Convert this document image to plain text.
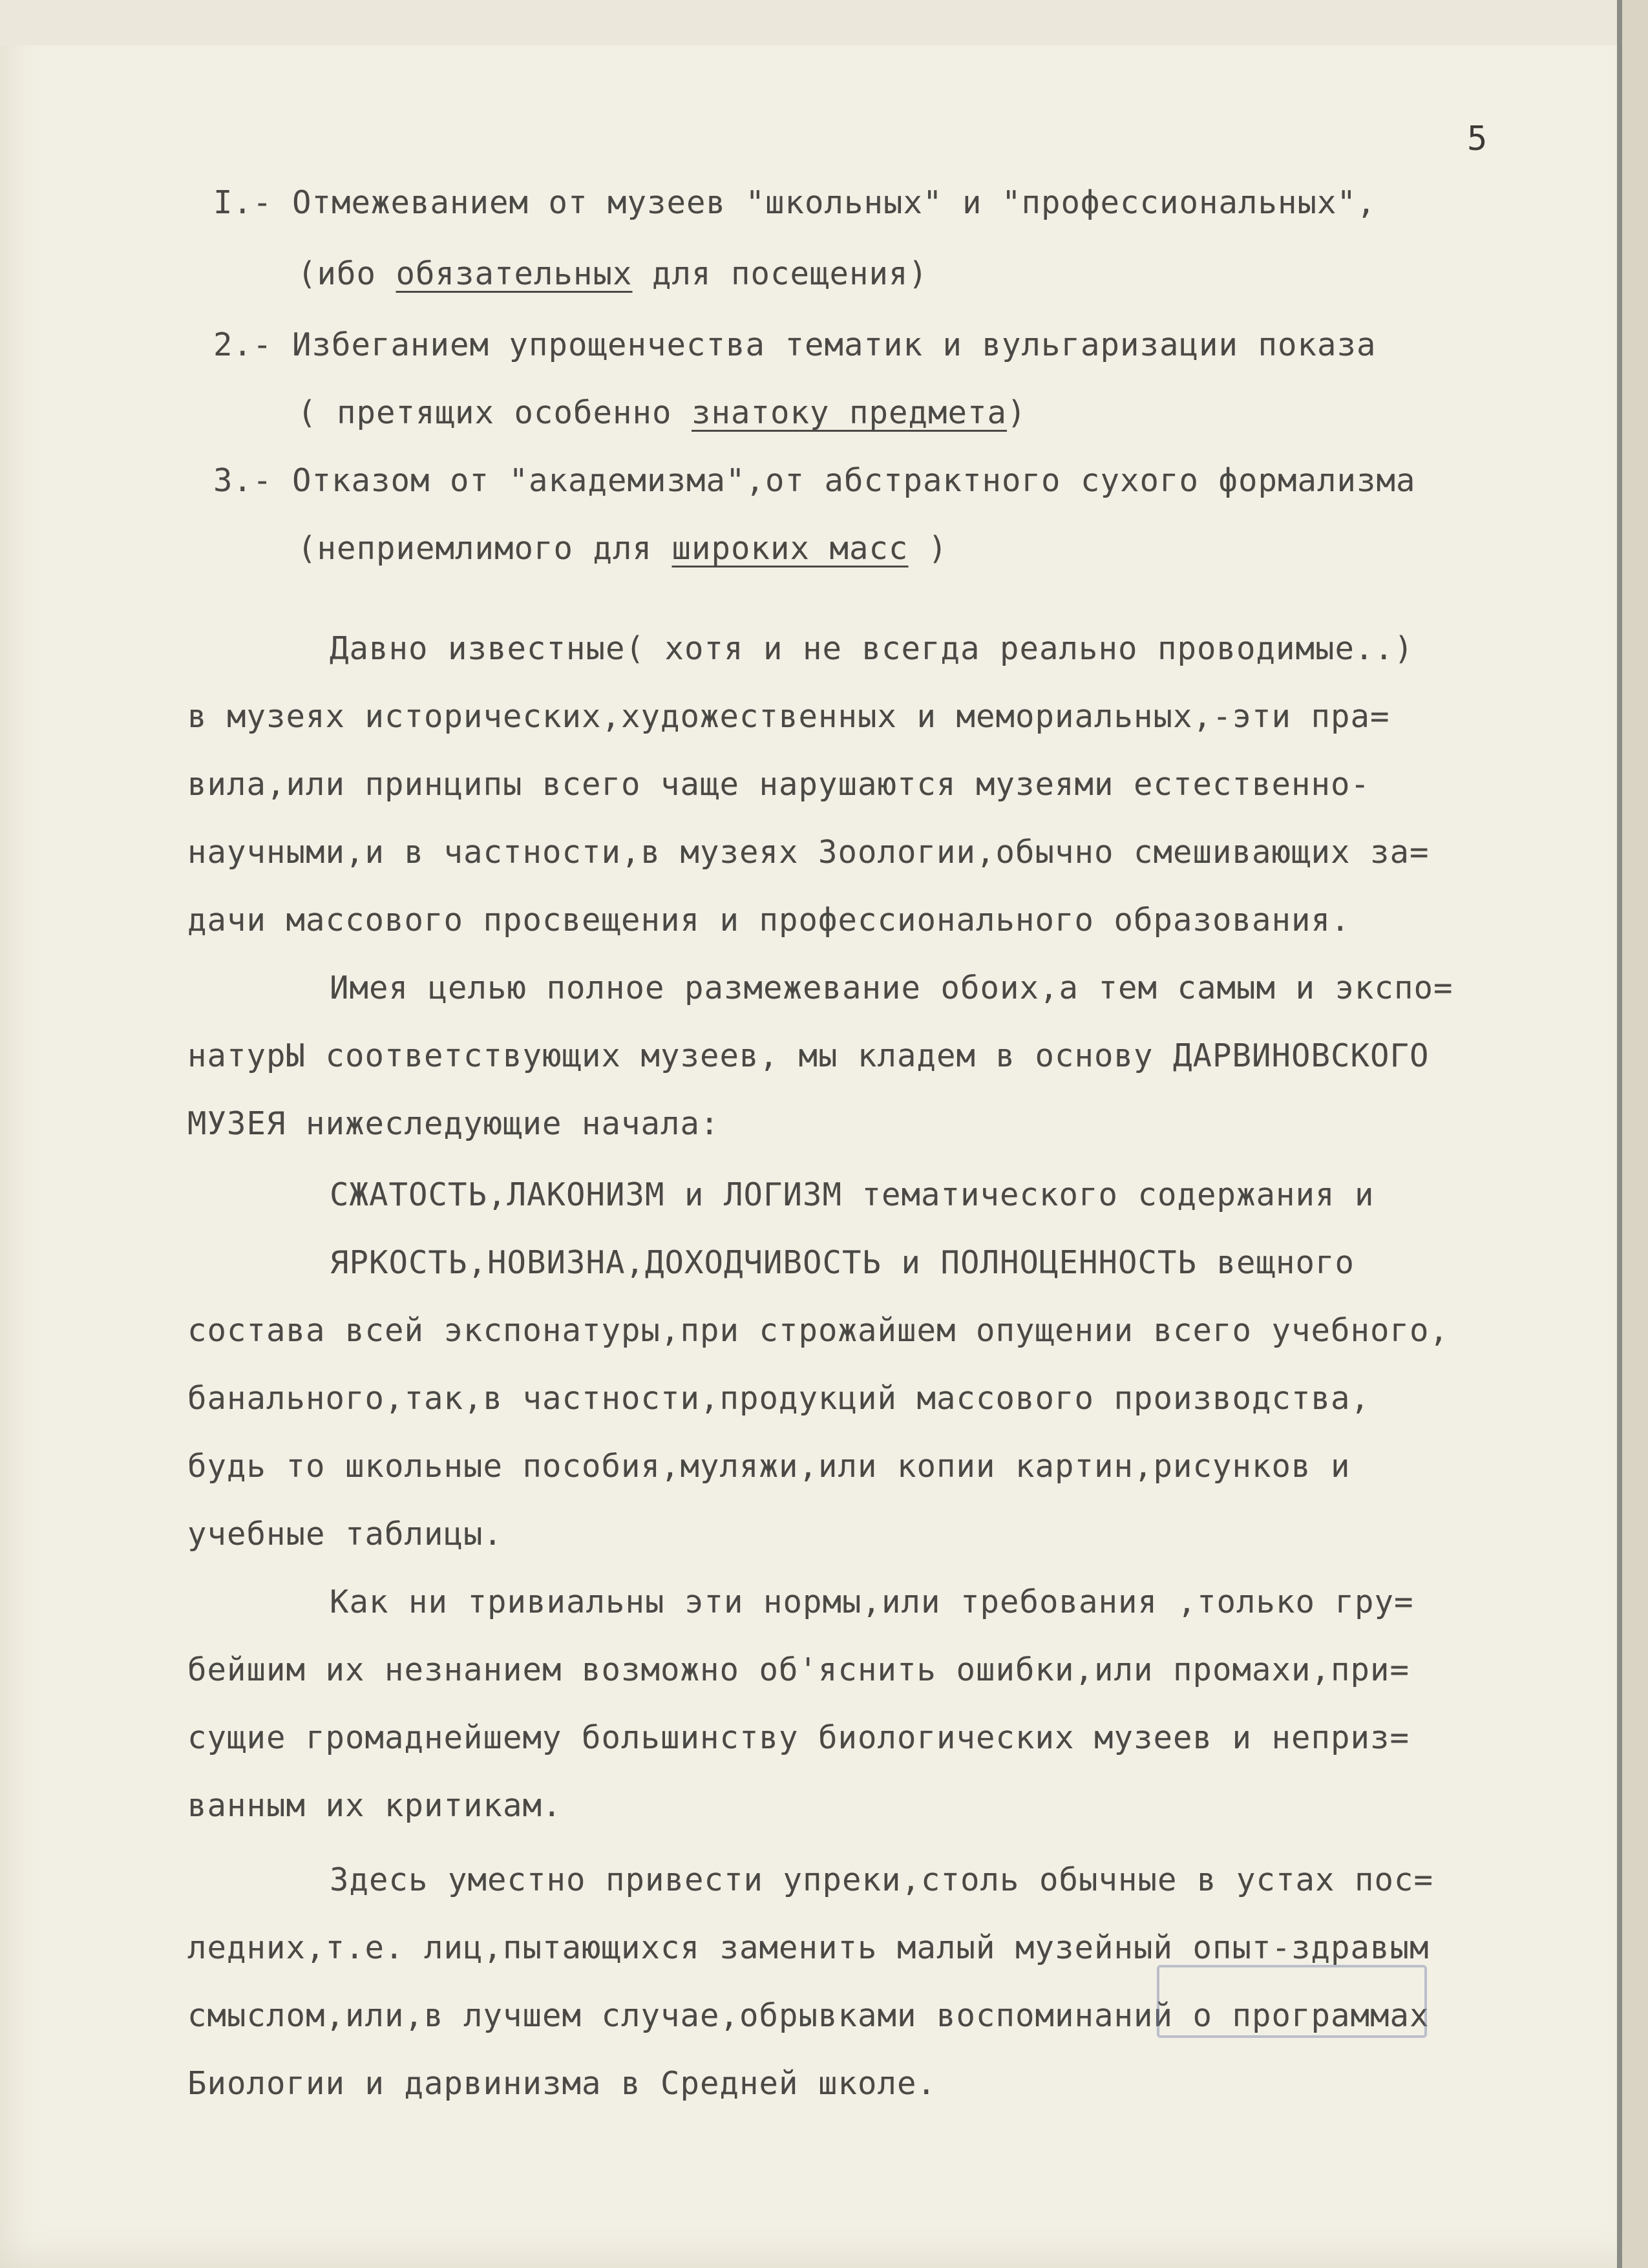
5
I.- Отмежеванием от музеев "школьных" и "профессиональных",
(ибо обязательных для посещения)
2.- Избеганием упрощенчества тематик и вульгаризации показа
( претящих особенно знатоку предмета)
3.- Отказом от "академизма",от абстрактного сухого формализма
(неприемлимого для широких масс )
Давно известные( хотя и не всегда реально проводимые..)
в музеях исторических,художественных и мемориальных,-эти пра=
вила,или принципы всего чаще нарушаются музеями естественно-
научными,и в частности,в музеях Зоологии,обычно смешивающих за=
дачи массового просвещения и профессионального образования.
Имея целью полное размежевание обоих,а тем самым и экспо=
натурЫ соответствующих музеев, мы кладем в основу ДАРВИНОВСКОГО
МУЗЕЯ нижеследующие начала:
СЖАТОСТЬ,ЛАКОНИЗМ и ЛОГИЗМ тематического содержания и
ЯРКОСТЬ,НОВИЗНА,ДОХОДЧИВОСТЬ и ПОЛНОЦЕННОСТЬ вещного
состава всей экспонатуры,при строжайшем опущении всего учебного,
банального,так,в частности,продукций массового производства,
будь то школьные пособия,муляжи,или копии картин,рисунков и
учебные таблицы.
Как ни тривиальны эти нормы,или требования ,только гру=
бейшим их незнанием возможно об'яснить ошибки,или промахи,при=
сущие громаднейшему большинству биологических музеев и неприз=
ванным их критикам.
Здесь уместно привести упреки,столь обычные в устах пос=
ледних,т.е. лиц,пытающихся заменить малый музейный опыт-здравым
смыслом,или,в лучшем случае,обрывками воспоминаний о программах
Биологии и дарвинизма в Средней школе.
